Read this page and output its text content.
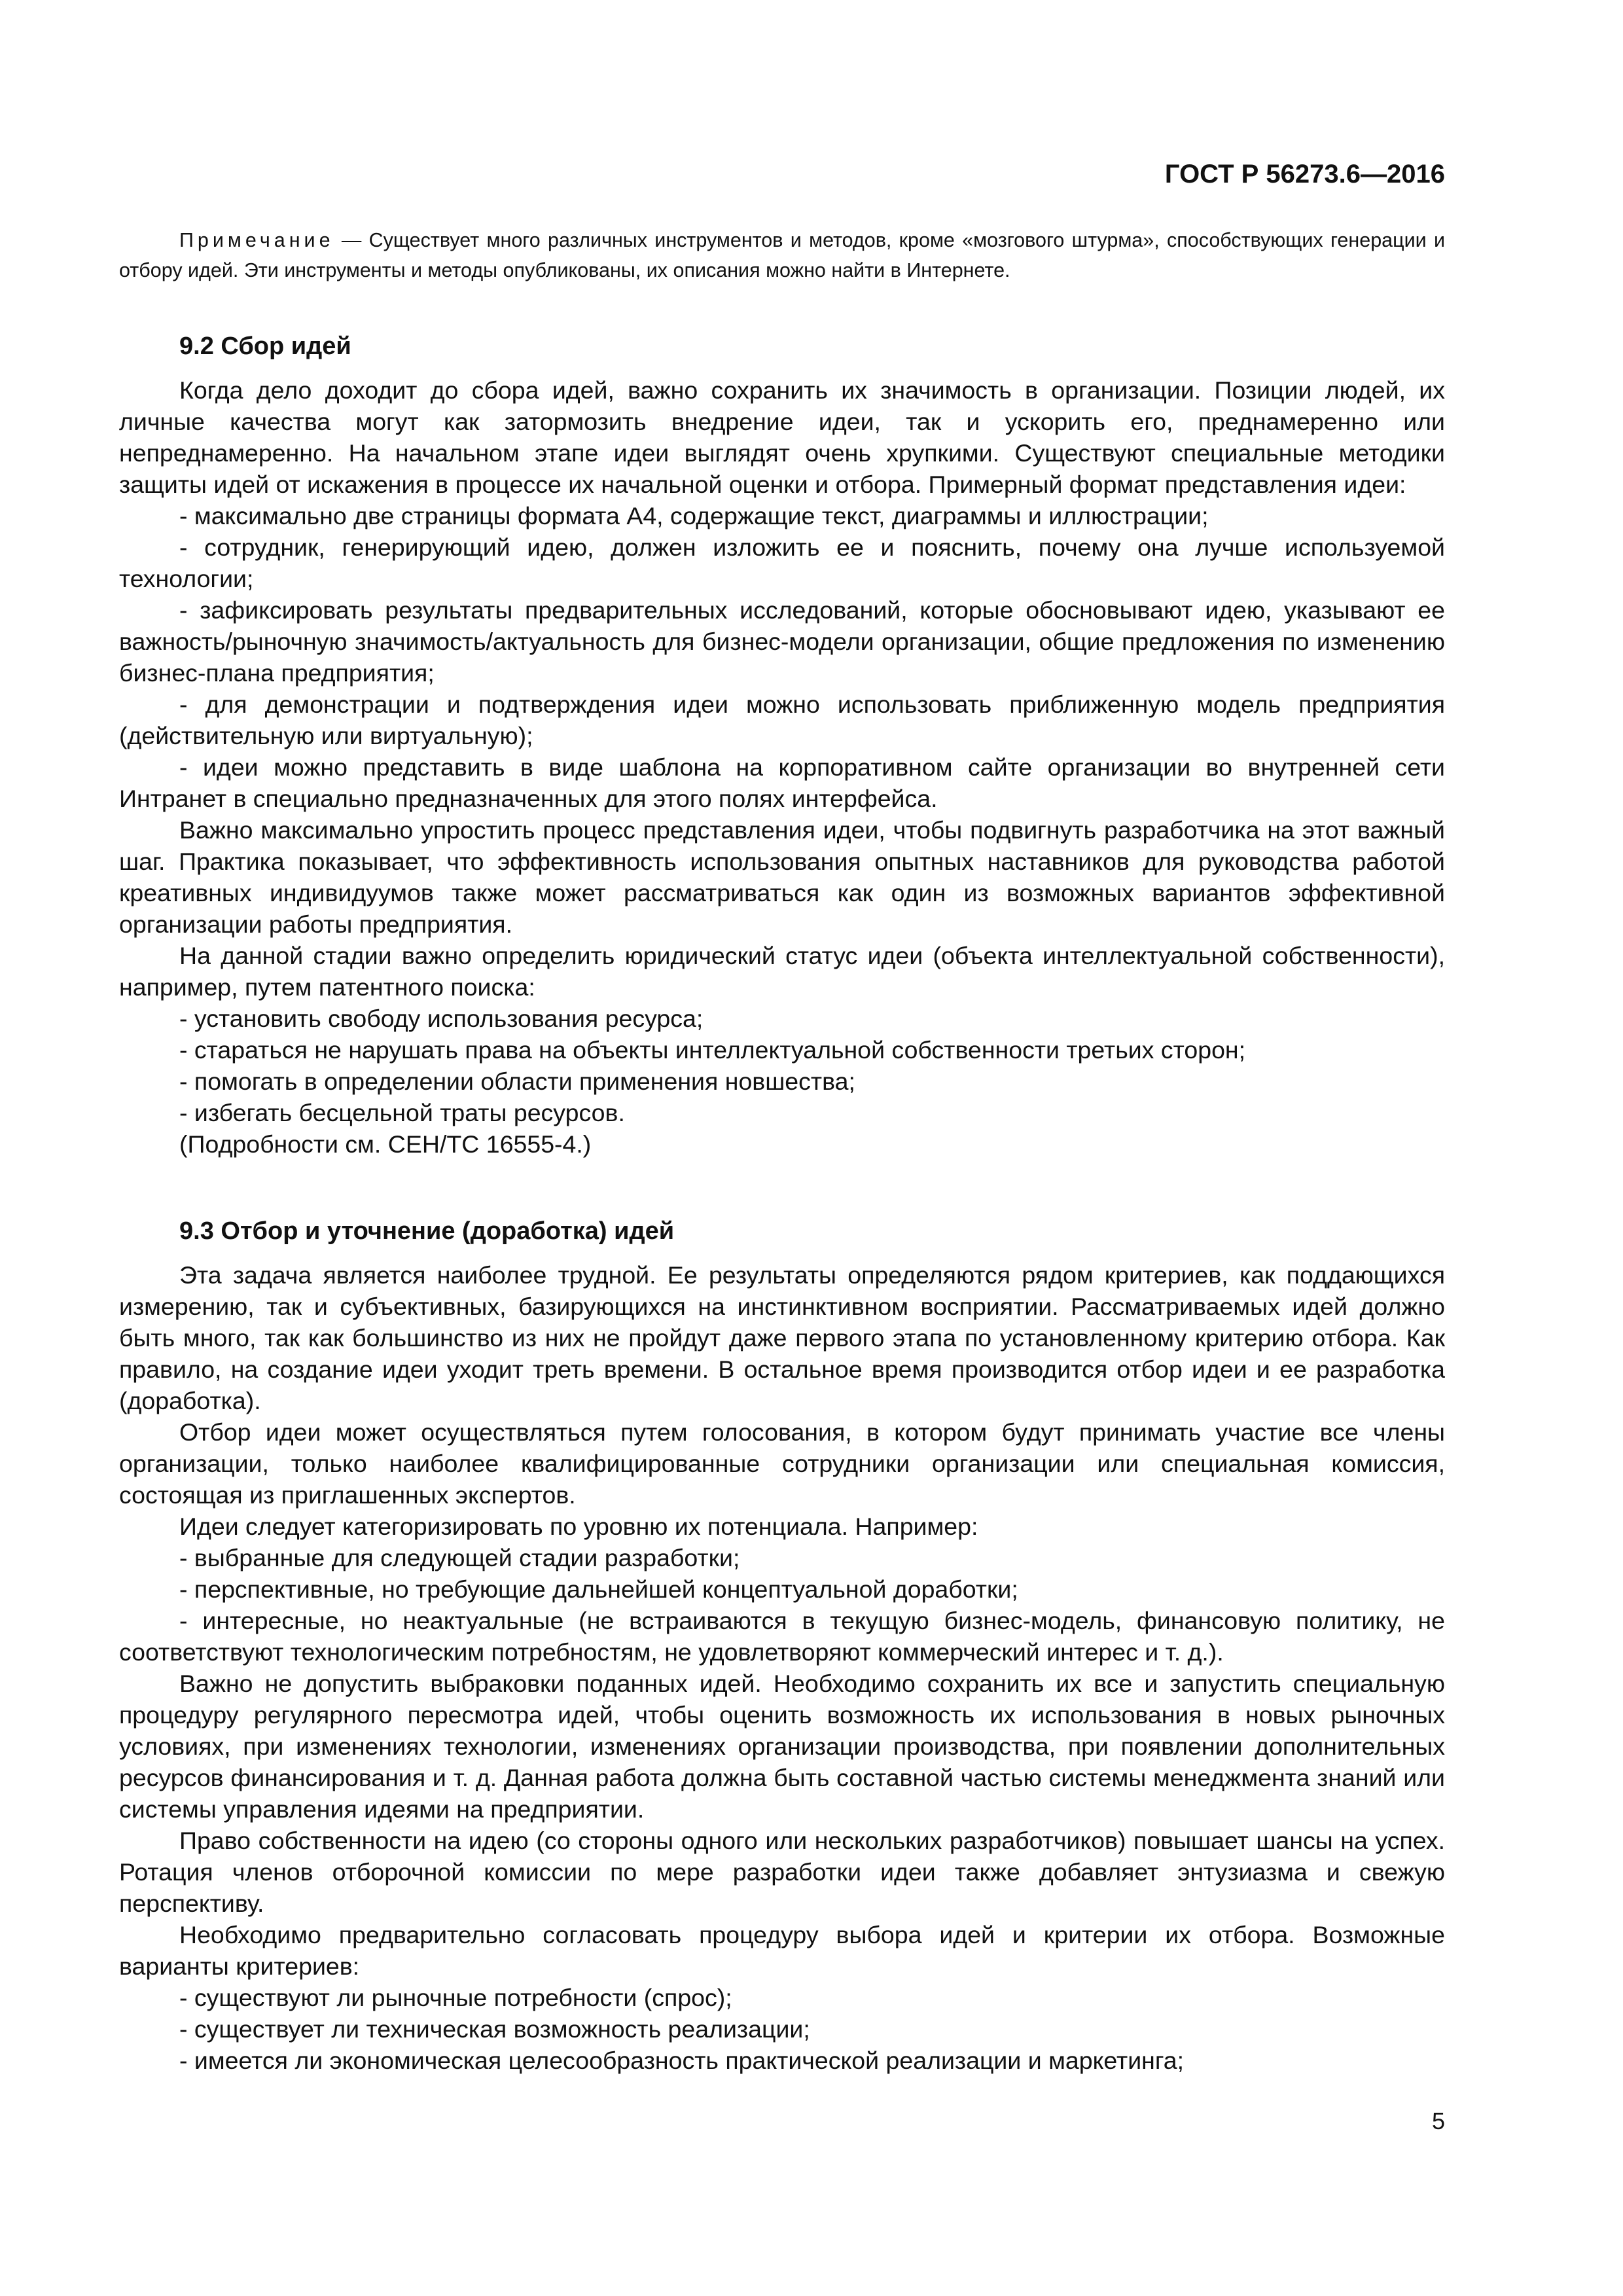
ГОСТ Р 56273.6—2016
Примечание — Существует много различных инструментов и методов, кроме «мозгового штурма», способствующих генерации и отбору идей. Эти инструменты и методы опубликованы, их описания можно найти в Интернете.
9.2 Сбор идей

Когда дело доходит до сбора идей, важно сохранить их значимость в организации. Позиции людей, их личные качества могут как затормозить внедрение идеи, так и ускорить его, преднамеренно или непреднамеренно. На начальном этапе идеи выглядят очень хрупкими. Существуют специальные методики защиты идей от искажения в процессе их начальной оценки и отбора. Примерный формат представления идеи:

- максимально две страницы формата А4, содержащие текст, диаграммы и иллюстрации;

- сотрудник, генерирующий идею, должен изложить ее и пояснить, почему она лучше используемой технологии;

- зафиксировать результаты предварительных исследований, которые обосновывают идею, указывают ее важность/рыночную значимость/актуальность для бизнес-модели организации, общие предложения по изменению бизнес-плана предприятия;

- для демонстрации и подтверждения идеи можно использовать приближенную модель предприятия (действительную или виртуальную);

- идеи можно представить в виде шаблона на корпоративном сайте организации во внутренней сети Интранет в специально предназначенных для этого полях интерфейса.

Важно максимально упростить процесс представления идеи, чтобы подвигнуть разработчика на этот важный шаг. Практика показывает, что эффективность использования опытных наставников для руководства работой креативных индивидуумов также может рассматриваться как один из возможных вариантов эффективной организации работы предприятия.

На данной стадии важно определить юридический статус идеи (объекта интеллектуальной собственности), например, путем патентного поиска:

- установить свободу использования ресурса;

- стараться не нарушать права на объекты интеллектуальной собственности третьих сторон;

- помогать в определении области применения новшества;

- избегать бесцельной траты ресурсов.

(Подробности см. СЕН/ТС 16555-4.)

9.3 Отбор и уточнение (доработка) идей

Эта задача является наиболее трудной. Ее результаты определяются рядом критериев, как поддающихся измерению, так и субъективных, базирующихся на инстинктивном восприятии. Рассматриваемых идей должно быть много, так как большинство из них не пройдут даже первого этапа по установленному критерию отбора. Как правило, на создание идеи уходит треть времени. В остальное время производится отбор идеи и ее разработка (доработка).

Отбор идеи может осуществляться путем голосования, в котором будут принимать участие все члены организации, только наиболее квалифицированные сотрудники организации или специальная комиссия, состоящая из приглашенных экспертов.

Идеи следует категоризировать по уровню их потенциала. Например:

- выбранные для следующей стадии разработки;

- перспективные, но требующие дальнейшей концептуальной доработки;

- интересные, но неактуальные (не встраиваются в текущую бизнес-модель, финансовую политику, не соответствуют технологическим потребностям, не удовлетворяют коммерческий интерес и т. д.).

Важно не допустить выбраковки поданных идей. Необходимо сохранить их все и запустить специальную процедуру регулярного пересмотра идей, чтобы оценить возможность их использования в новых рыночных условиях, при изменениях технологии, изменениях организации производства, при появлении дополнительных ресурсов финансирования и т. д. Данная работа должна быть составной частью системы менеджмента знаний или системы управления идеями на предприятии.

Право собственности на идею (со стороны одного или нескольких разработчиков) повышает шансы на успех. Ротация членов отборочной комиссии по мере разработки идеи также добавляет энтузиазма и свежую перспективу.

Необходимо предварительно согласовать процедуру выбора идей и критерии их отбора. Возможные варианты критериев:

- существуют ли рыночные потребности (спрос);

- существует ли техническая возможность реализации;

- имеется ли экономическая целесообразность практической реализации и маркетинга;

5
